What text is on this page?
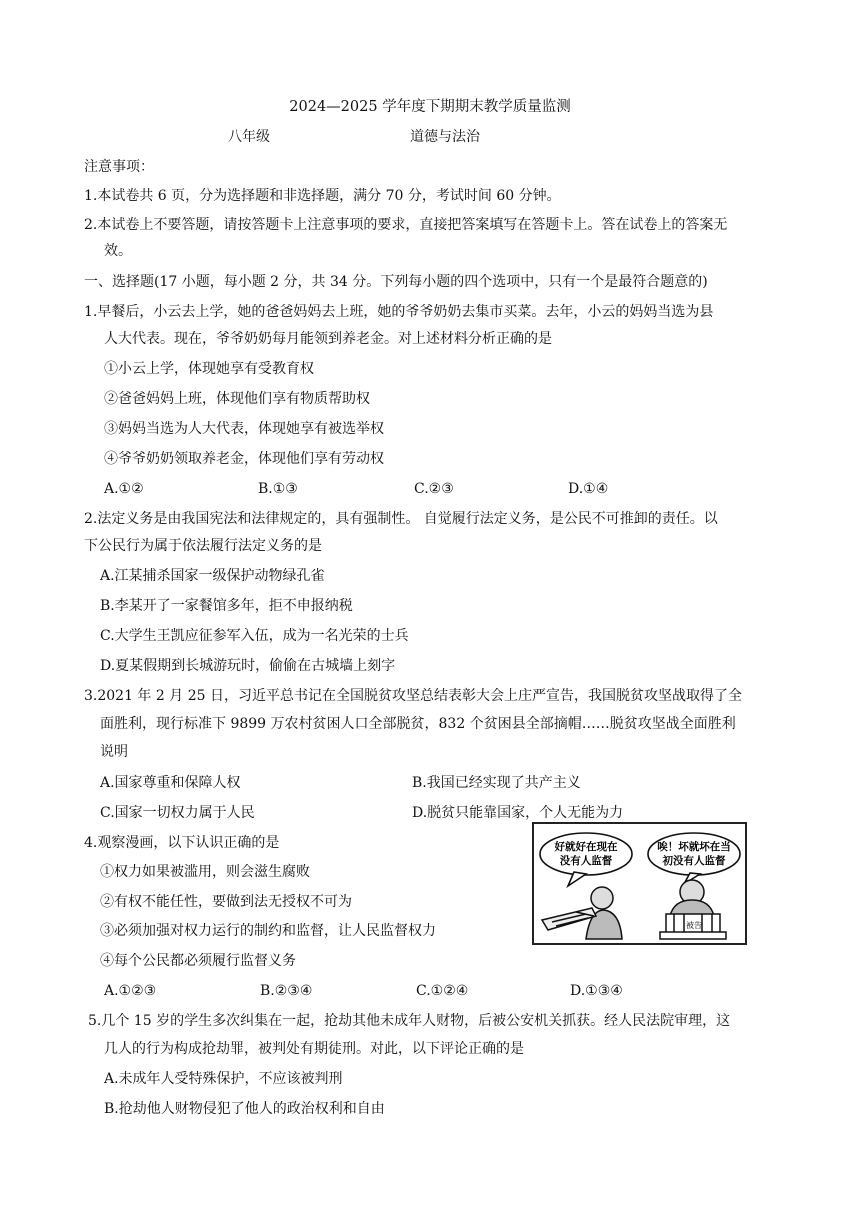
2024—2025 学年度下期期末教学质量监测
八年级	道德与法治
注意事项：
1.本试卷共 6 页，分为选择题和非选择题，满分 70 分，考试时间 60 分钟。
2.本试卷上不要答题，请按答题卡上注意事项的要求，直接把答案填写在答题卡上。答在试卷上的答案无
效。
一、选择题(17 小题，每小题 2 分，共 34 分。下列每小题的四个选项中，只有一个是最符合题意的)
1.早餐后，小云去上学，她的爸爸妈妈去上班，她的爷爷奶奶去集市买菜。去年，小云的妈妈当选为县
人大代表。现在，爷爷奶奶每月能领到养老金。对上述材料分析正确的是
①小云上学，体现她享有受教育权
②爸爸妈妈上班，体现他们享有物质帮助权
③妈妈当选为人大代表，体现她享有被选举权
④爷爷奶奶领取养老金，体现他们享有劳动权
A.①②	B.①③	C.②③	D.①④
2.法定义务是由我国宪法和法律规定的，具有强制性。 自觉履行法定义务，是公民不可推卸的责任。以
下公民行为属于依法履行法定义务的是
A.江某捕杀国家一级保护动物绿孔雀
B.李某开了一家餐馆多年，拒不申报纳税
C.大学生王凯应征参军入伍，成为一名光荣的士兵
D.夏某假期到长城游玩时，偷偷在古城墙上刻字
3.2021 年 2 月 25 日，习近平总书记在全国脱贫攻坚总结表彰大会上庄严宣告，我国脱贫攻坚战取得了全
面胜利，现行标准下 9899 万农村贫困人口全部脱贫，832 个贫困县全部摘帽……脱贫攻坚战全面胜利
说明
A.国家尊重和保障人权	B.我国已经实现了共产主义
C.国家一切权力属于人民	D.脱贫只能靠国家，个人无能为力
4.观察漫画，以下认识正确的是
①权力如果被滥用，则会滋生腐败
②有权不能任性，要做到法无授权不可为
③必须加强对权力运行的制约和监督，让人民监督权力
④每个公民都必须履行监督义务
A.①②③	B.②③④	C.①②④	D.①③④
好就好在现在
没有人监督
唉！坏就坏在当
初没有人监督
被告
5.几个 15 岁的学生多次纠集在一起，抢劫其他未成年人财物，后被公安机关抓获。经人民法院审理，这
几人的行为构成抢劫罪，被判处有期徒刑。对此，以下评论正确的是
A.未成年人受特殊保护，不应该被判刑
B.抢劫他人财物侵犯了他人的政治权利和自由
